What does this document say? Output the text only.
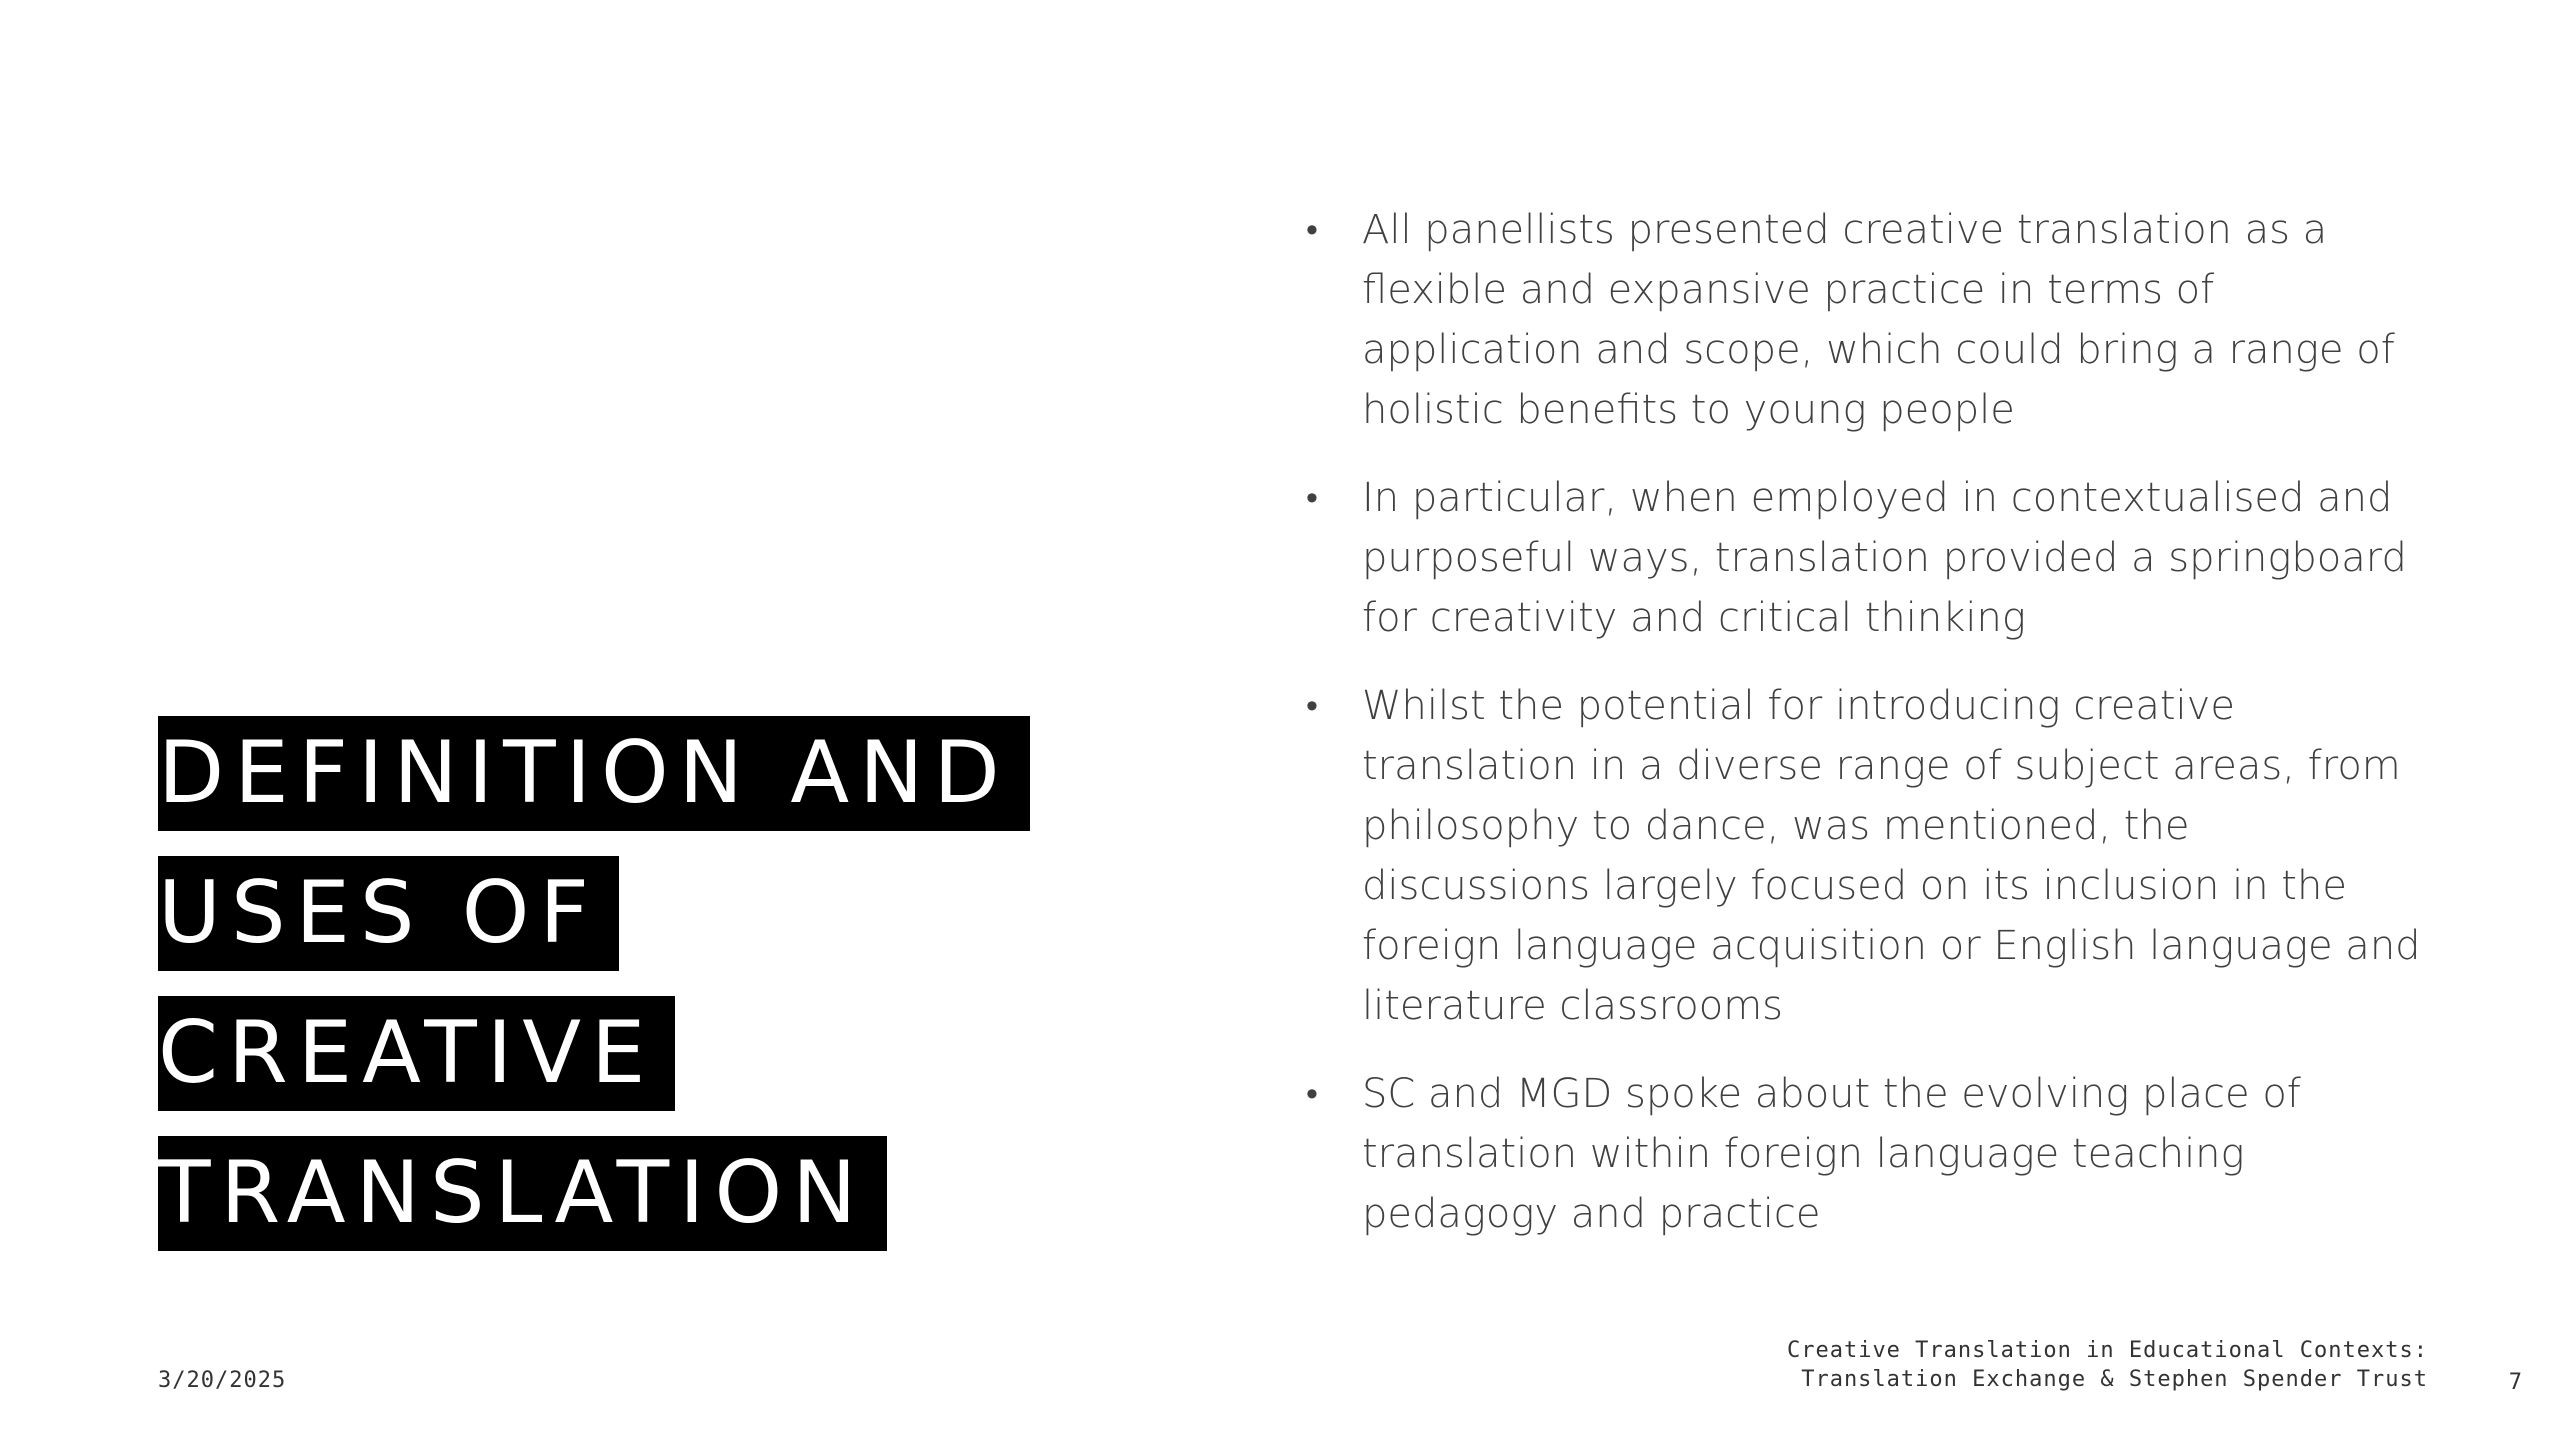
DEFINITION AND
USES OF
CREATIVE
TRANSLATION
• All panellists presented creative translation as a flexible and expansive practice in terms of application and scope, which could bring a range of holistic benefits to young people
• In particular, when employed in contextualised and purposeful ways, translation provided a springboard for creativity and critical thinking
• Whilst the potential for introducing creative translation in a diverse range of subject areas, from philosophy to dance, was mentioned, the discussions largely focused on its inclusion in the foreign language acquisition or English language and literature classrooms
• SC and MGD spoke about the evolving place of translation within foreign language teaching pedagogy and practice
3/20/2025
Creative Translation in Educational Contexts:
Translation Exchange & Stephen Spender Trust	7
